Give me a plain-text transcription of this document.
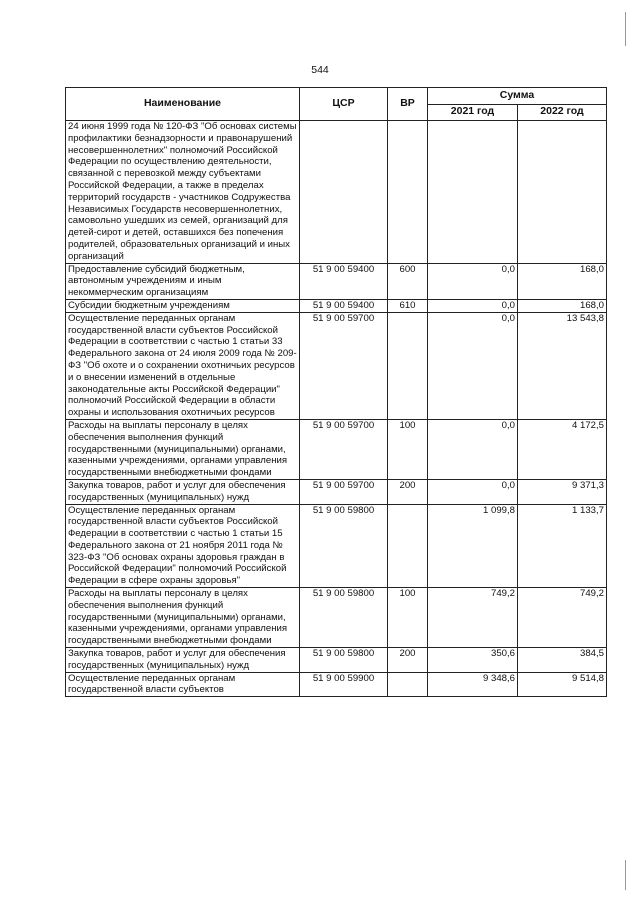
544
Наименование	ЦСР	ВР	Сумма	
			2021 год	2022 год
24 июня 1999 года № 120-ФЗ "Об основах системы профилактики безнадзорности и правонарушений несовершеннолетних" полномочий Российской Федерации по осуществлению деятельности, связанной с перевозкой между субъектами Российской Федерации, а также в пределах территорий государств - участников Содружества Независимых Государств несовершеннолетних, самовольно ушедших из семей, организаций для детей-сирот и детей, оставшихся без попечения родителей, образовательных организаций и иных организаций				
Предоставление субсидий бюджетным, автономным учреждениям и иным некоммерческим организациям	51 9 00 59400	600	0,0	168,0
Субсидии бюджетным учреждениям	51 9 00 59400	610	0,0	168,0
Осуществление переданных органам государственной власти субъектов Российской Федерации в соответствии с частью 1 статьи 33 Федерального закона от 24 июля 2009 года № 209-ФЗ "Об охоте и о сохранении охотничьих ресурсов и о внесении изменений в отдельные законодательные акты Российской Федерации" полномочий Российской Федерации в области охраны и использования охотничьих ресурсов	51 9 00 59700		0,0	13 543,8
Расходы на выплаты персоналу в целях обеспечения выполнения функций государственными (муниципальными) органами, казенными учреждениями, органами управления государственными внебюджетными фондами	51 9 00 59700	100	0,0	4 172,5
Закупка товаров, работ и услуг для обеспечения государственных (муниципальных) нужд	51 9 00 59700	200	0,0	9 371,3
Осуществление переданных органам государственной власти субъектов Российской Федерации в соответствии с частью 1 статьи 15 Федерального закона от 21 ноября 2011 года № 323-ФЗ "Об основах охраны здоровья граждан в Российской Федерации" полномочий Российской Федерации в сфере охраны здоровья"	51 9 00 59800		1 099,8	1 133,7
Расходы на выплаты персоналу в целях обеспечения выполнения функций государственными (муниципальными) органами, казенными учреждениями, органами управления государственными внебюджетными фондами	51 9 00 59800	100	749,2	749,2
Закупка товаров, работ и услуг для обеспечения государственных (муниципальных) нужд	51 9 00 59800	200	350,6	384,5
Осуществление переданных органам государственной власти субъектов	51 9 00 59900		9 348,6	9 514,8
